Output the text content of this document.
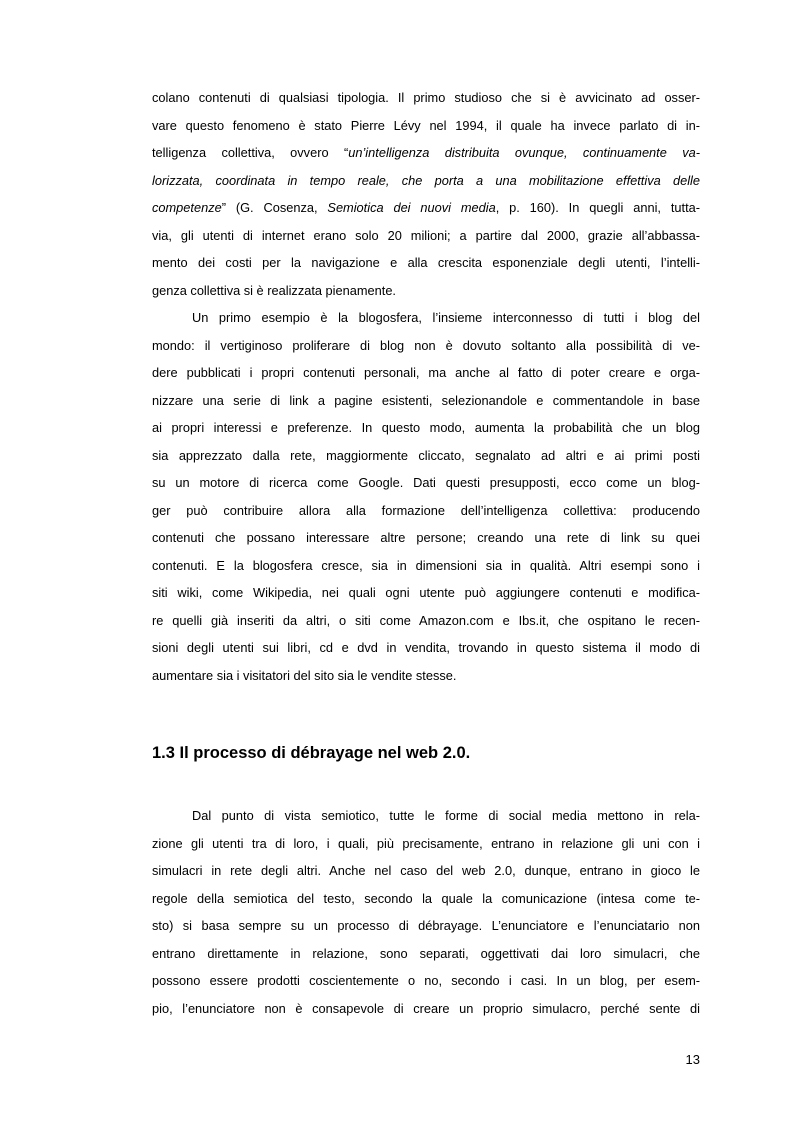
colano contenuti di qualsiasi tipologia. Il primo studioso che si è avvicinato ad osser-
vare questo fenomeno è stato Pierre Lévy nel 1994, il quale ha invece parlato di in-
telligenza collettiva, ovvero “un’intelligenza distribuita ovunque, continuamente va-
lorizzata, coordinata in tempo reale, che porta a una mobilitazione effettiva delle
competenze” (G. Cosenza, Semiotica dei nuovi media, p. 160). In quegli anni, tutta-
via, gli utenti di internet erano solo 20 milioni; a partire dal 2000, grazie all’abbassa-
mento dei costi per la navigazione e alla crescita esponenziale degli utenti, l’intelli-
genza collettiva si è realizzata pienamente.
Un primo esempio è la blogosfera, l’insieme interconnesso di tutti i blog del
mondo: il vertiginoso proliferare di blog non è dovuto soltanto alla possibilità di ve-
dere pubblicati i propri contenuti personali, ma anche al fatto di poter creare e orga-
nizzare una serie di link a pagine esistenti, selezionandole e commentandole in base
ai propri interessi e preferenze. In questo modo, aumenta la probabilità che un blog
sia apprezzato dalla rete, maggiormente cliccato, segnalato ad altri e ai primi posti
su un motore di ricerca come Google. Dati questi presupposti, ecco come un blog-
ger può contribuire allora alla formazione dell’intelligenza collettiva: producendo
contenuti che possano interessare altre persone; creando una rete di link su quei
contenuti. E la blogosfera cresce, sia in dimensioni sia in qualità. Altri esempi sono i
siti wiki, come Wikipedia, nei quali ogni utente può aggiungere contenuti e modifica-
re quelli già inseriti da altri, o siti come Amazon.com e Ibs.it, che ospitano le recen-
sioni degli utenti sui libri, cd e dvd in vendita, trovando in questo sistema il modo di
aumentare sia i visitatori del sito sia le vendite stesse.
1.3 Il processo di débrayage nel web 2.0.
Dal punto di vista semiotico, tutte le forme di social media mettono in rela-
zione gli utenti tra di loro, i quali, più precisamente, entrano in relazione gli uni con i
simulacri in rete degli altri. Anche nel caso del web 2.0, dunque, entrano in gioco le
regole della semiotica del testo, secondo la quale la comunicazione (intesa come te-
sto) si basa sempre su un processo di débrayage. L’enunciatore e l’enunciatario non
entrano direttamente in relazione, sono separati, oggettivati dai loro simulacri, che
possono essere prodotti coscientemente o no, secondo i casi. In un blog, per esem-
pio, l’enunciatore non è consapevole di creare un proprio simulacro, perché sente di
13
